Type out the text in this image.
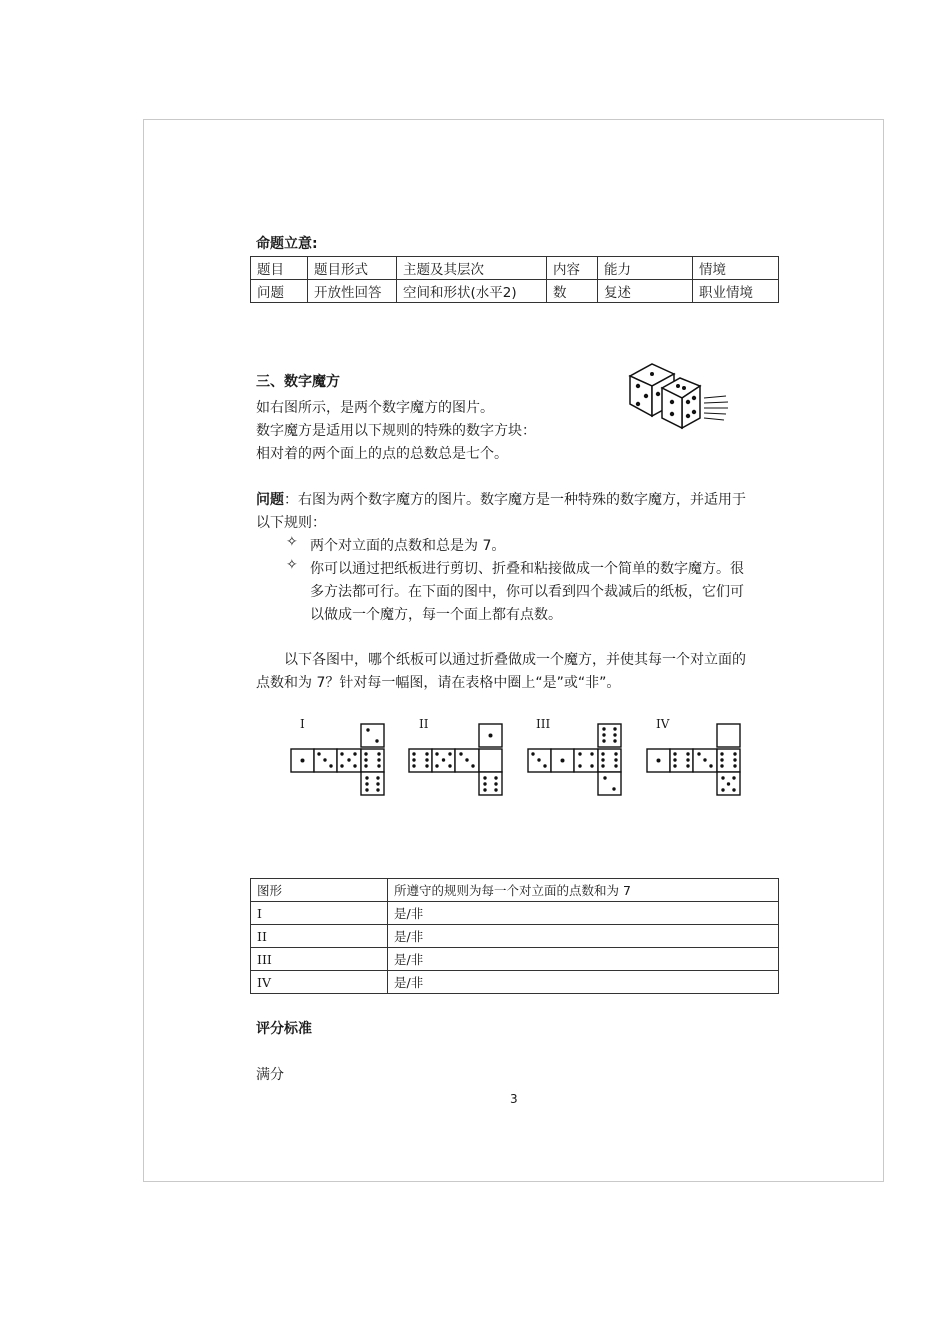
命题立意:
题目	题目形式	主题及其层次	内容	能力	情境
问题	开放性回答	空间和形状(水平2)	数	复述	职业情境
三、数字魔方
如右图所示，是两个数字魔方的图片。
数字魔方是适用以下规则的特殊的数字方块：
相对着的两个面上的点的总数总是七个。
问题：右图为两个数字魔方的图片。数字魔方是一种特殊的数字魔方，并适用于
以下规则：
✧ 两个对立面的点数和总是为 7。
✧ 你可以通过把纸板进行剪切、折叠和粘接做成一个简单的数字魔方。很
多方法都可行。在下面的图中，你可以看到四个裁减后的纸板，它们可
以做成一个魔方，每一个面上都有点数。
以下各图中，哪个纸板可以通过折叠做成一个魔方，并使其每一个对立面的
点数和为 7？针对每一幅图，请在表格中圈上“是”或“非”。
I	II	III	IV
图形	所遵守的规则为每一个对立面的点数和为 7
I	是/非
II	是/非
III	是/非
IV	是/非
评分标准
满分
3
